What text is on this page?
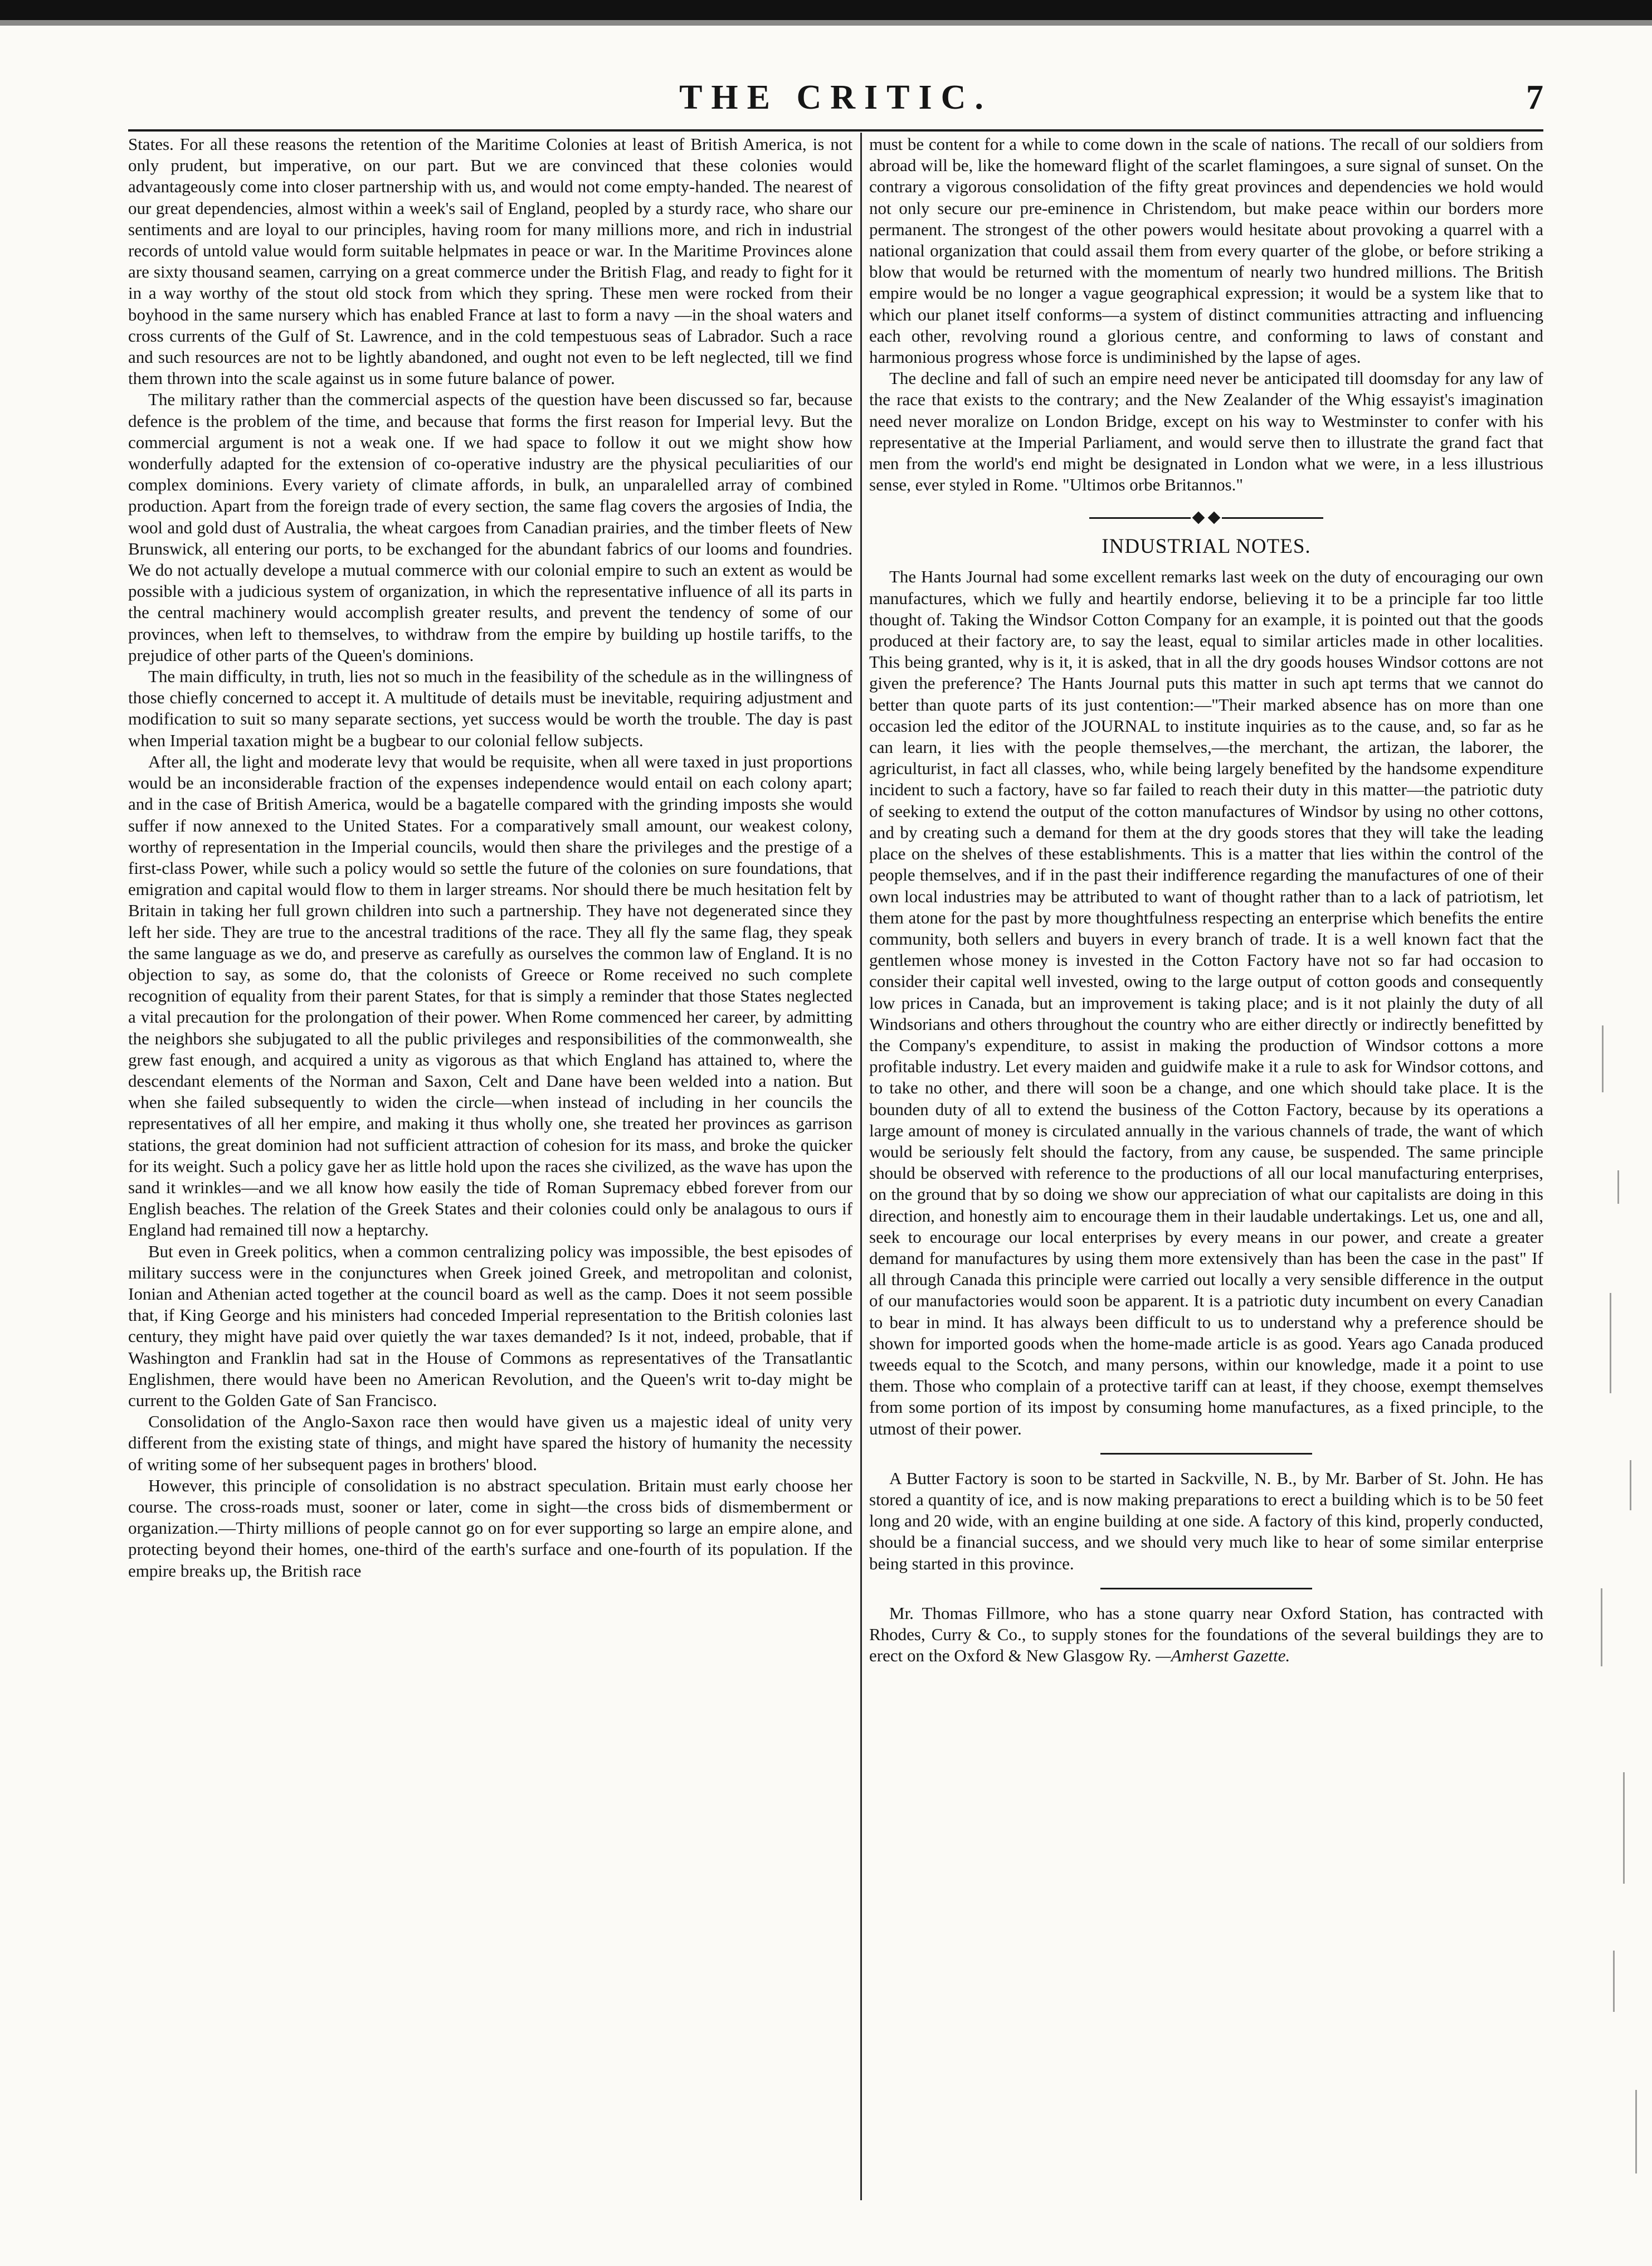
THE CRITIC.	7

States. For all these reasons the retention of the Maritime Colonies at least of British America, is not only prudent, but imperative, on our part. But we are convinced that these colonies would advantageously come into closer partnership with us, and would not come empty-handed. The nearest of our great dependencies, almost within a week's sail of England, peopled by a sturdy race, who share our sentiments and are loyal to our principles, having room for many millions more, and rich in industrial records of untold value would form suitable helpmates in peace or war. In the Maritime Provinces alone are sixty thousand seamen, carrying on a great commerce under the British Flag, and ready to fight for it in a way worthy of the stout old stock from which they spring. These men were rocked from their boyhood in the same nursery which has enabled France at last to form a navy —in the shoal waters and cross currents of the Gulf of St. Lawrence, and in the cold tempestuous seas of Labrador. Such a race and such resources are not to be lightly abandoned, and ought not even to be left neglected, till we find them thrown into the scale against us in some future balance of power.

The military rather than the commercial aspects of the question have been discussed so far, because defence is the problem of the time, and because that forms the first reason for Imperial levy. But the commercial argument is not a weak one. If we had space to follow it out we might show how wonderfully adapted for the extension of co-operative industry are the physical peculiarities of our complex dominions. Every variety of climate affords, in bulk, an unparalelled array of combined production. Apart from the foreign trade of every section, the same flag covers the argosies of India, the wool and gold dust of Australia, the wheat cargoes from Canadian prairies, and the timber fleets of New Brunswick, all entering our ports, to be exchanged for the abundant fabrics of our looms and foundries. We do not actually develope a mutual commerce with our colonial empire to such an extent as would be possible with a judicious system of organization, in which the representative influence of all its parts in the central machinery would accomplish greater results, and prevent the tendency of some of our provinces, when left to themselves, to withdraw from the empire by building up hostile tariffs, to the prejudice of other parts of the Queen's dominions.

The main difficulty, in truth, lies not so much in the feasibility of the schedule as in the willingness of those chiefly concerned to accept it. A multitude of details must be inevitable, requiring adjustment and modification to suit so many separate sections, yet success would be worth the trouble. The day is past when Imperial taxation might be a bugbear to our colonial fellow subjects.

After all, the light and moderate levy that would be requisite, when all were taxed in just proportions would be an inconsiderable fraction of the expenses independence would entail on each colony apart; and in the case of British America, would be a bagatelle compared with the grinding imposts she would suffer if now annexed to the United States. For a comparatively small amount, our weakest colony, worthy of representation in the Imperial councils, would then share the privileges and the prestige of a first-class Power, while such a policy would so settle the future of the colonies on sure foundations, that emigration and capital would flow to them in larger streams. Nor should there be much hesitation felt by Britain in taking her full grown children into such a partnership. They have not degenerated since they left her side. They are true to the ancestral traditions of the race. They all fly the same flag, they speak the same language as we do, and preserve as carefully as ourselves the common law of England. It is no objection to say, as some do, that the colonists of Greece or Rome received no such complete recognition of equality from their parent States, for that is simply a reminder that those States neglected a vital precaution for the prolongation of their power. When Rome commenced her career, by admitting the neighbors she subjugated to all the public privileges and responsibilities of the commonwealth, she grew fast enough, and acquired a unity as vigorous as that which England has attained to, where the descendant elements of the Norman and Saxon, Celt and Dane have been welded into a nation. But when she failed subsequently to widen the circle—when instead of including in her councils the representatives of all her empire, and making it thus wholly one, she treated her provinces as garrison stations, the great dominion had not sufficient attraction of cohesion for its mass, and broke the quicker for its weight. Such a policy gave her as little hold upon the races she civilized, as the wave has upon the sand it wrinkles—and we all know how easily the tide of Roman Supremacy ebbed forever from our English beaches. The relation of the Greek States and their colonies could only be analagous to ours if England had remained till now a heptarchy.

But even in Greek politics, when a common centralizing policy was impossible, the best episodes of military success were in the conjunctures when Greek joined Greek, and metropolitan and colonist, Ionian and Athenian acted together at the council board as well as the camp. Does it not seem possible that, if King George and his ministers had conceded Imperial representation to the British colonies last century, they might have paid over quietly the war taxes demanded? Is it not, indeed, probable, that if Washington and Franklin had sat in the House of Commons as representatives of the Transatlantic Englishmen, there would have been no American Revolution, and the Queen's writ to-day might be current to the Golden Gate of San Francisco.

Consolidation of the Anglo-Saxon race then would have given us a majestic ideal of unity very different from the existing state of things, and might have spared the history of humanity the necessity of writing some of her subsequent pages in brothers' blood.

However, this principle of consolidation is no abstract speculation. Britain must early choose her course. The cross-roads must, sooner or later, come in sight—the cross bids of dismemberment or organization.—Thirty millions of people cannot go on for ever supporting so large an empire alone, and protecting beyond their homes, one-third of the earth's surface and one-fourth of its population. If the empire breaks up, the British race

must be content for a while to come down in the scale of nations. The recall of our soldiers from abroad will be, like the homeward flight of the scarlet flamingoes, a sure signal of sunset. On the contrary a vigorous consolidation of the fifty great provinces and dependencies we hold would not only secure our pre-eminence in Christendom, but make peace within our borders more permanent. The strongest of the other powers would hesitate about provoking a quarrel with a national organization that could assail them from every quarter of the globe, or before striking a blow that would be returned with the momentum of nearly two hundred millions. The British empire would be no longer a vague geographical expression; it would be a system like that to which our planet itself conforms—a system of distinct communities attracting and influencing each other, revolving round a glorious centre, and conforming to laws of constant and harmonious progress whose force is undiminished by the lapse of ages.

The decline and fall of such an empire need never be anticipated till doomsday for any law of the race that exists to the contrary; and the New Zealander of the Whig essayist's imagination need never moralize on London Bridge, except on his way to Westminster to confer with his representative at the Imperial Parliament, and would serve then to illustrate the grand fact that men from the world's end might be designated in London what we were, in a less illustrious sense, ever styled in Rome. "Ultimos orbe Britannos."

INDUSTRIAL NOTES.

The Hants Journal had some excellent remarks last week on the duty of encouraging our own manufactures, which we fully and heartily endorse, believing it to be a principle far too little thought of. Taking the Windsor Cotton Company for an example, it is pointed out that the goods produced at their factory are, to say the least, equal to similar articles made in other localities. This being granted, why is it, it is asked, that in all the dry goods houses Windsor cottons are not given the preference? The Hants Journal puts this matter in such apt terms that we cannot do better than quote parts of its just contention:—"Their marked absence has on more than one occasion led the editor of the JOURNAL to institute inquiries as to the cause, and, so far as he can learn, it lies with the people themselves,—the merchant, the artizan, the laborer, the agriculturist, in fact all classes, who, while being largely benefited by the handsome expenditure incident to such a factory, have so far failed to reach their duty in this matter—the patriotic duty of seeking to extend the output of the cotton manufactures of Windsor by using no other cottons, and by creating such a demand for them at the dry goods stores that they will take the leading place on the shelves of these establishments. This is a matter that lies within the control of the people themselves, and if in the past their indifference regarding the manufactures of one of their own local industries may be attributed to want of thought rather than to a lack of patriotism, let them atone for the past by more thoughtfulness respecting an enterprise which benefits the entire community, both sellers and buyers in every branch of trade. It is a well known fact that the gentlemen whose money is invested in the Cotton Factory have not so far had occasion to consider their capital well invested, owing to the large output of cotton goods and consequently low prices in Canada, but an improvement is taking place; and is it not plainly the duty of all Windsorians and others throughout the country who are either directly or indirectly benefitted by the Company's expenditure, to assist in making the production of Windsor cottons a more profitable industry. Let every maiden and guidwife make it a rule to ask for Windsor cottons, and to take no other, and there will soon be a change, and one which should take place. It is the bounden duty of all to extend the business of the Cotton Factory, because by its operations a large amount of money is circulated annually in the various channels of trade, the want of which would be seriously felt should the factory, from any cause, be suspended. The same principle should be observed with reference to the productions of all our local manufacturing enterprises, on the ground that by so doing we show our appreciation of what our capitalists are doing in this direction, and honestly aim to encourage them in their laudable undertakings. Let us, one and all, seek to encourage our local enterprises by every means in our power, and create a greater demand for manufactures by using them more extensively than has been the case in the past" If all through Canada this principle were carried out locally a very sensible difference in the output of our manufactories would soon be apparent. It is a patriotic duty incumbent on every Canadian to bear in mind. It has always been difficult to us to understand why a preference should be shown for imported goods when the home-made article is as good. Years ago Canada produced tweeds equal to the Scotch, and many persons, within our knowledge, made it a point to use them. Those who complain of a protective tariff can at least, if they choose, exempt themselves from some portion of its impost by consuming home manufactures, as a fixed principle, to the utmost of their power.

A Butter Factory is soon to be started in Sackville, N. B., by Mr. Barber of St. John. He has stored a quantity of ice, and is now making preparations to erect a building which is to be 50 feet long and 20 wide, with an engine building at one side. A factory of this kind, properly conducted, should be a financial success, and we should very much like to hear of some similar enterprise being started in this province.

Mr. Thomas Fillmore, who has a stone quarry near Oxford Station, has contracted with Rhodes, Curry & Co., to supply stones for the foundations of the several buildings they are to erect on the Oxford & New Glasgow Ry. —Amherst Gazette.
